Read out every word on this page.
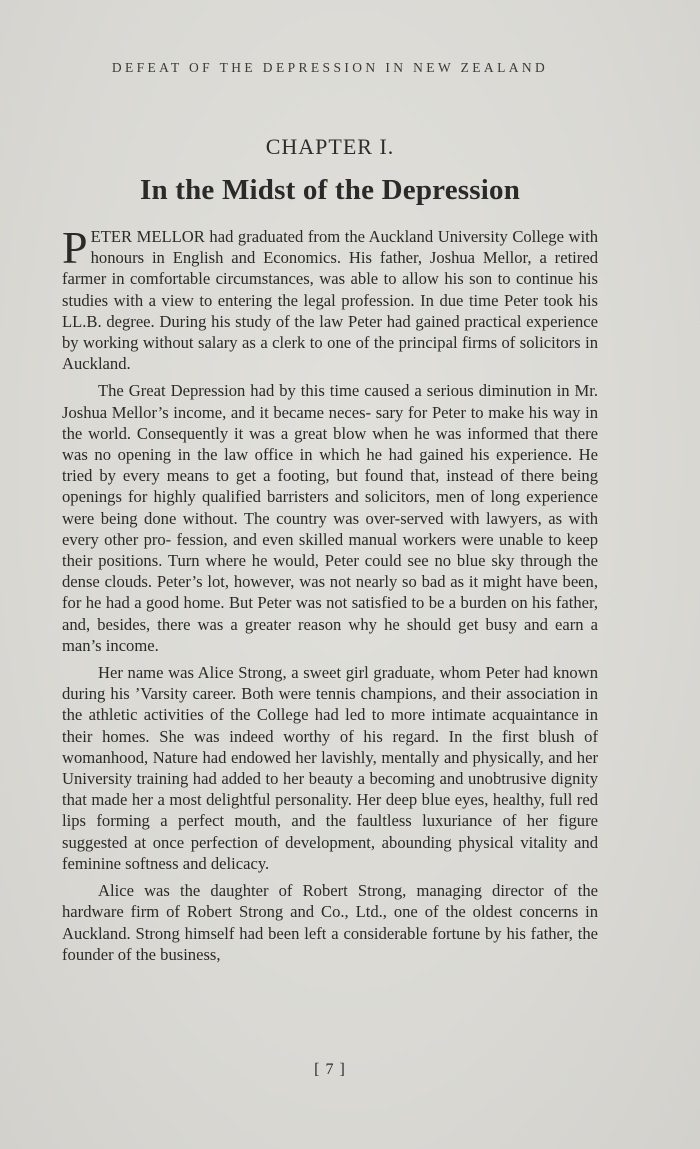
DEFEAT OF THE DEPRESSION IN NEW ZEALAND
CHAPTER I.
In the Midst of the Depression

PETER MELLOR had graduated from the Auckland University College with honours in English and Economics. His father, Joshua Mellor, a retired farmer in comfortable circumstances, was able to allow his son to continue his studies with a view to entering the legal profession. In due time Peter took his LL.B. degree. During his study of the law Peter had gained practical experience by working without salary as a clerk to one of the principal firms of solicitors in Auckland.

The Great Depression had by this time caused a serious diminution in Mr. Joshua Mellor’s income, and it became neces- sary for Peter to make his way in the world. Consequently it was a great blow when he was informed that there was no opening in the law office in which he had gained his experience. He tried by every means to get a footing, but found that, instead of there being openings for highly qualified barristers and solicitors, men of long experience were being done without. The country was over-served with lawyers, as with every other pro- fession, and even skilled manual workers were unable to keep their positions. Turn where he would, Peter could see no blue sky through the dense clouds. Peter’s lot, however, was not nearly so bad as it might have been, for he had a good home. But Peter was not satisfied to be a burden on his father, and, besides, there was a greater reason why he should get busy and earn a man’s income.

Her name was Alice Strong, a sweet girl graduate, whom Peter had known during his ’Varsity career. Both were tennis champions, and their association in the athletic activities of the College had led to more intimate acquaintance in their homes. She was indeed worthy of his regard. In the first blush of womanhood, Nature had endowed her lavishly, mentally and physically, and her University training had added to her beauty a becoming and unobtrusive dignity that made her a most delightful personality. Her deep blue eyes, healthy, full red lips forming a perfect mouth, and the faultless luxuriance of her figure suggested at once perfection of development, abounding physical vitality and feminine softness and delicacy.

Alice was the daughter of Robert Strong, managing director of the hardware firm of Robert Strong and Co., Ltd., one of the oldest concerns in Auckland. Strong himself had been left a considerable fortune by his father, the founder of the business,

[ 7 ]
